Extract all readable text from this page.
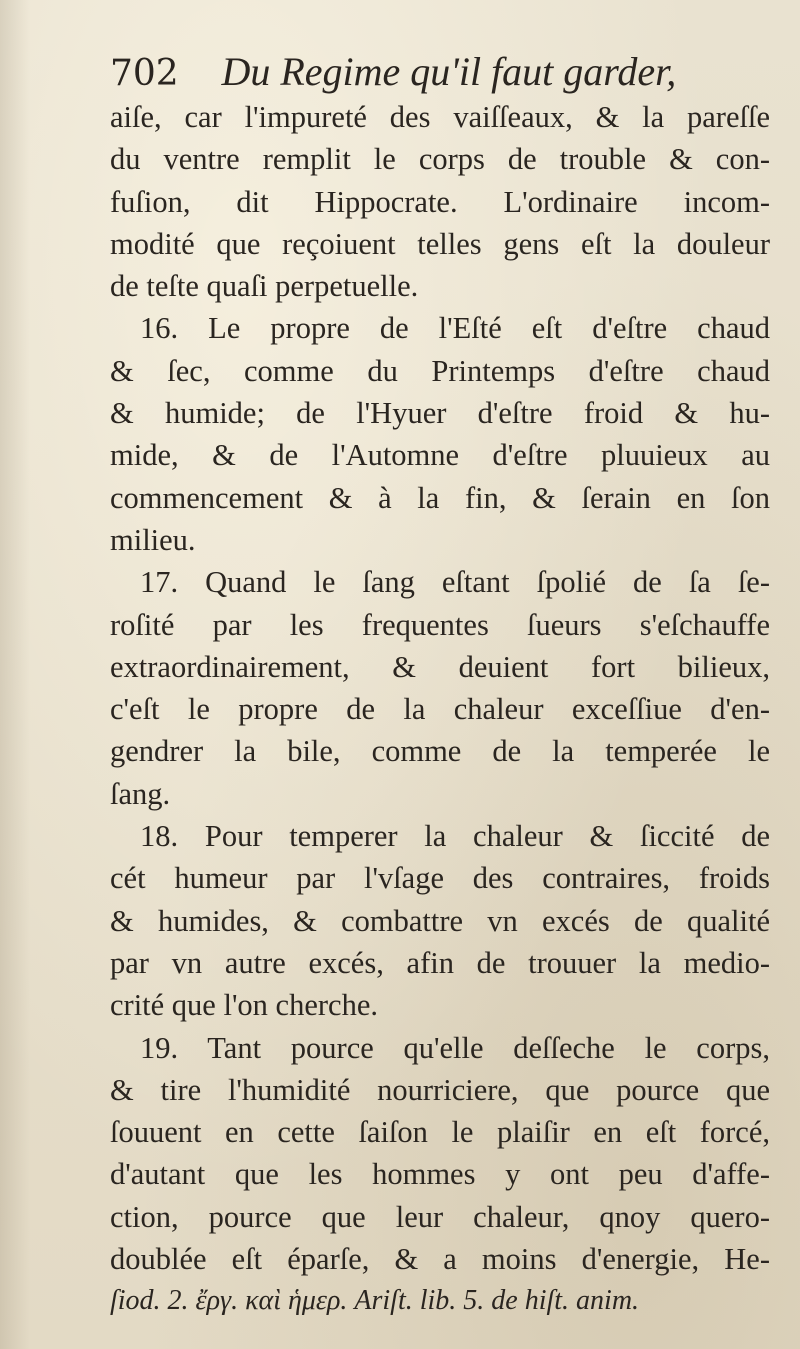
702 Du Regime qu'il faut garder,
aiſe, car l'impureté des vaiſſeaux, & la pareſſe
du ventre remplit le corps de trouble & con-
fuſion, dit Hippocrate. L'ordinaire incom-
modité que reçoiuent telles gens eſt la douleur
de teſte quaſi perpetuelle.
16. Le propre de l'Eſté eſt d'eſtre chaud
& ſec, comme du Printemps d'eſtre chaud
& humide; de l'Hyuer d'eſtre froid & hu-
mide, & de l'Automne d'eſtre pluuieux au
commencement & à la fin, & ſerain en ſon
milieu.
17. Quand le ſang eſtant ſpolié de ſa ſe-
roſité par les frequentes ſueurs s'eſchauffe
extraordinairement, & deuient fort bilieux,
c'eſt le propre de la chaleur exceſſiue d'en-
gendrer la bile, comme de la temperée le
ſang.
18. Pour temperer la chaleur & ſiccité de
cét humeur par l'vſage des contraires, froids
& humides, & combattre vn excés de qualité
par vn autre excés, afin de trouuer la medio-
crité que l'on cherche.
19. Tant pource qu'elle deſſeche le corps,
& tire l'humidité nourriciere, que pource que
ſouuent en cette ſaiſon le plaiſir en eſt forcé,
d'autant que les hommes y ont peu d'affe-
ction, pource que leur chaleur, qnoy quero-
doublée eſt éparſe, & a moins d'energie, He-
ſiod. 2. ἔργ. καὶ ἡμερ. Ariſt. lib. 5. de hiſt. anim.
